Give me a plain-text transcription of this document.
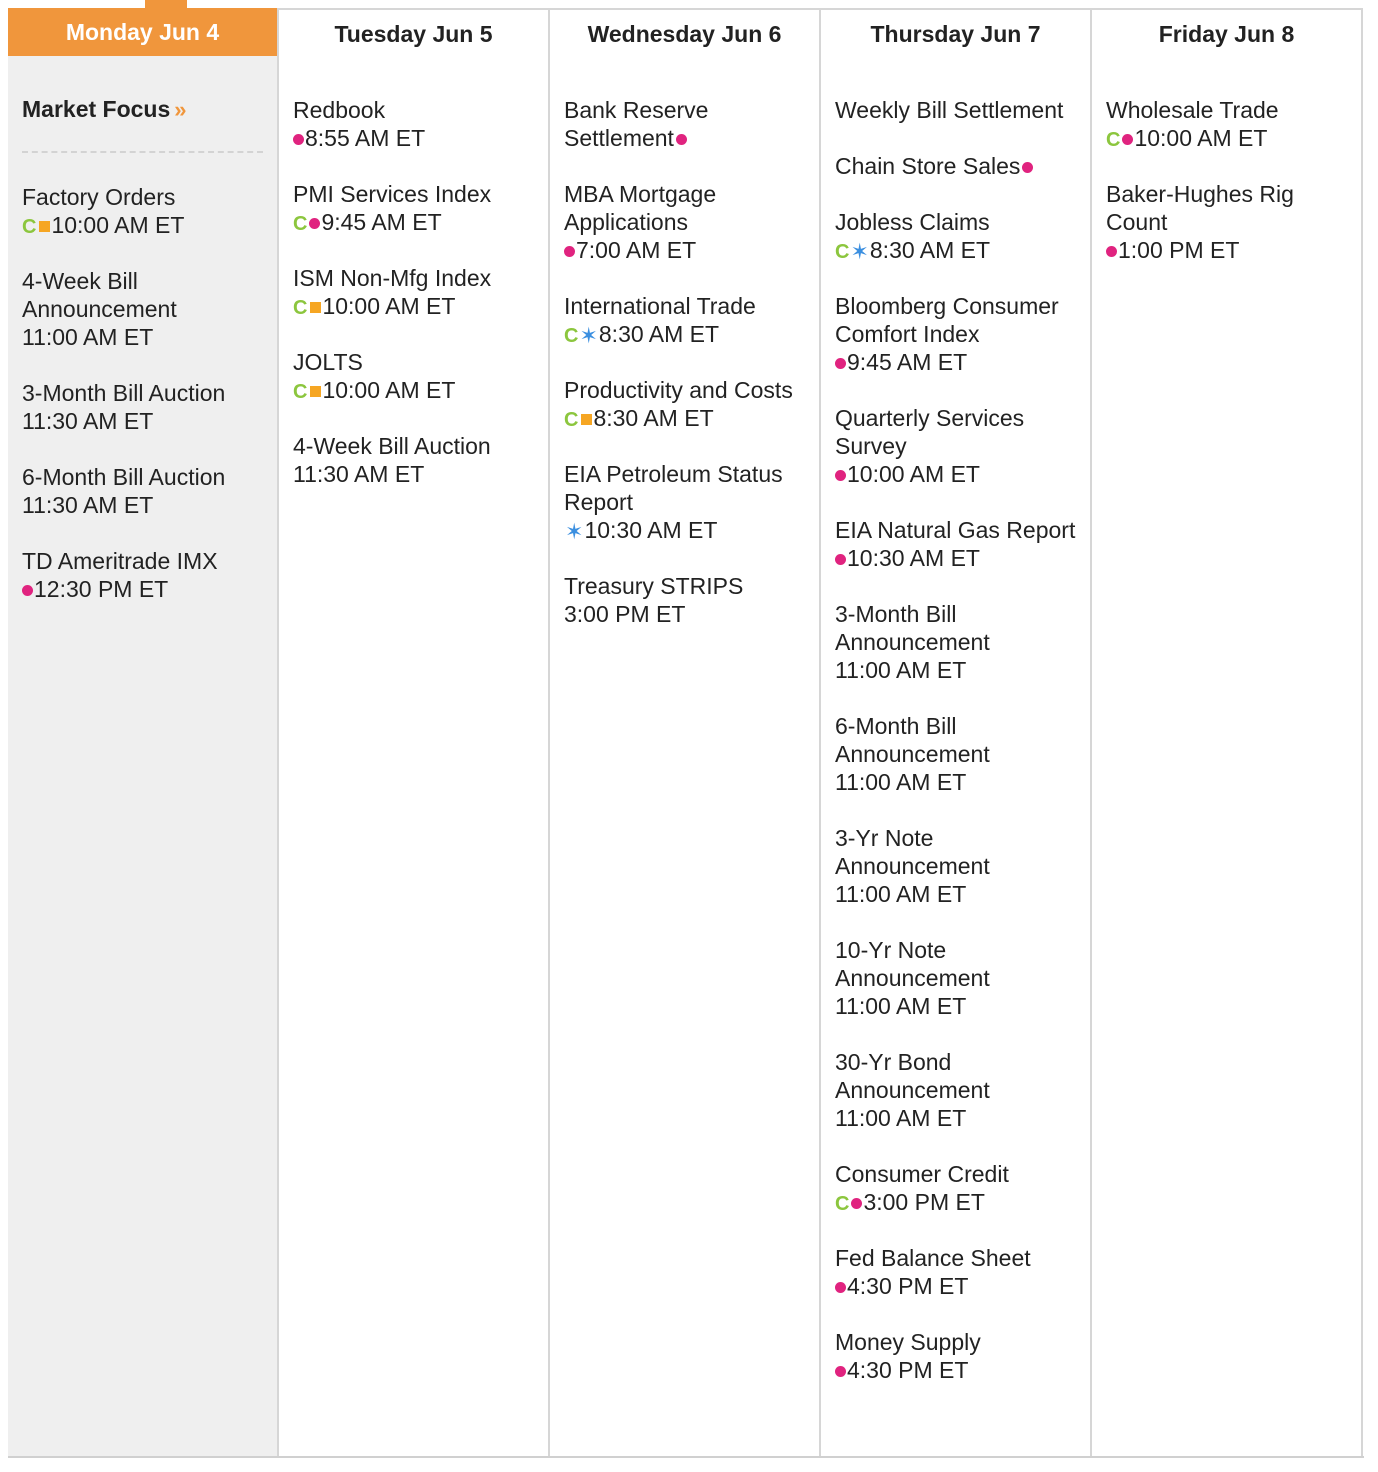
Monday Jun 4
Market Focus »
Factory Orders
C 10:00 AM ET
4-Week Bill Announcement
11:00 AM ET
3-Month Bill Auction
11:30 AM ET
6-Month Bill Auction
11:30 AM ET
TD Ameritrade IMX
12:30 PM ET
Tuesday Jun 5
Redbook
8:55 AM ET
PMI Services Index
C 9:45 AM ET
ISM Non-Mfg Index
C 10:00 AM ET
JOLTS
C 10:00 AM ET
4-Week Bill Auction
11:30 AM ET
Wednesday Jun 6
Bank Reserve Settlement
MBA Mortgage Applications
7:00 AM ET
International Trade
C ✶ 8:30 AM ET
Productivity and Costs
C 8:30 AM ET
EIA Petroleum Status Report
✶ 10:30 AM ET
Treasury STRIPS
3:00 PM ET
Thursday Jun 7
Weekly Bill Settlement
Chain Store Sales
Jobless Claims
C ✶ 8:30 AM ET
Bloomberg Consumer Comfort Index
9:45 AM ET
Quarterly Services Survey
10:00 AM ET
EIA Natural Gas Report
10:30 AM ET
3-Month Bill Announcement
11:00 AM ET
6-Month Bill Announcement
11:00 AM ET
3-Yr Note Announcement
11:00 AM ET
10-Yr Note Announcement
11:00 AM ET
30-Yr Bond Announcement
11:00 AM ET
Consumer Credit
C 3:00 PM ET
Fed Balance Sheet
4:30 PM ET
Money Supply
4:30 PM ET
Friday Jun 8
Wholesale Trade
C 10:00 AM ET
Baker-Hughes Rig Count
1:00 PM ET
